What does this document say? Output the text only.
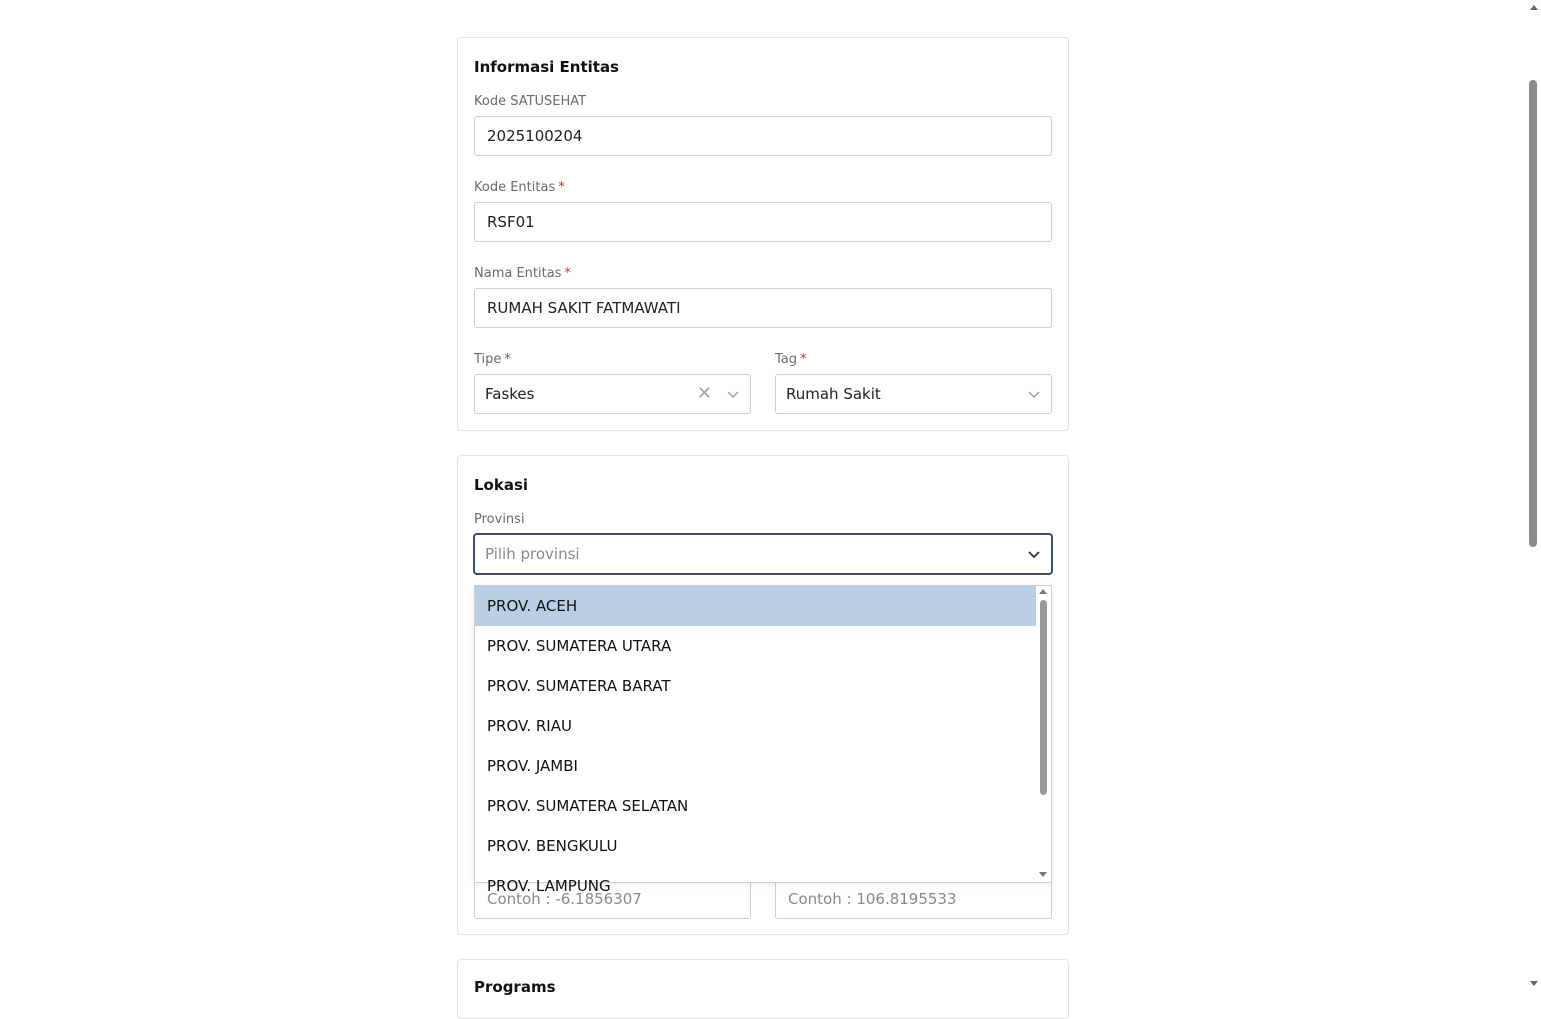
Informasi Entitas
Kode SATUSEHAT
2025100204
Kode Entitas *
RSF01
Nama Entitas *
RUMAH SAKIT FATMAWATI
Tipe *
Faskes	✕
Tag *
Rumah Sakit
Lokasi
Provinsi
Pilih provinsi
Contoh : -6.1856307	Contoh : 106.8195533
Programs
PROV. ACEH
PROV. SUMATERA UTARA
PROV. SUMATERA BARAT
PROV. RIAU
PROV. JAMBI
PROV. SUMATERA SELATAN
PROV. BENGKULU
PROV. LAMPUNG
